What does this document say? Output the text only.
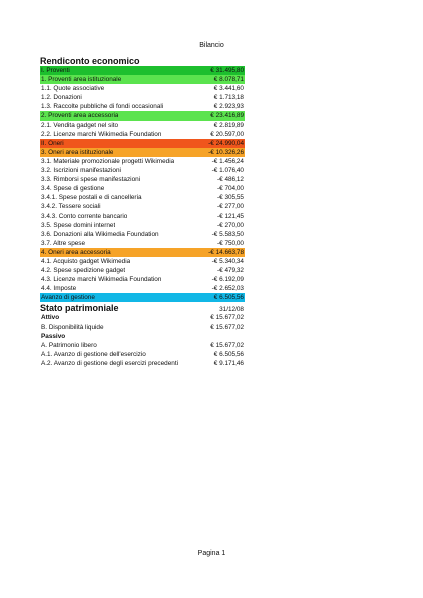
Bilancio
Rendiconto economico
I. Proventi	€ 31.495,80
1. Proventi area istituzionale	€ 8.078,71
1.1. Quote associative	€ 3.441,60
1.2. Donazioni	€ 1.713,18
1.3. Raccolte pubbliche di fondi occasionali	€ 2.923,93
2. Proventi area accessoria	€ 23.416,89
2.1. Vendita gadget nel sito	€ 2.819,89
2.2. Licenze marchi Wikimedia Foundation	€ 20.597,00
II. Oneri	-€ 24.990,04
3. Oneri area istituzionale	-€ 10.326,26
3.1. Materiale promozionale progetti Wikimedia	-€ 1.456,24
3.2. Iscrizioni manifestazioni	-€ 1.076,40
3.3. Rimborsi spese manifestazioni	-€ 486,12
3.4. Spese di gestione	-€ 704,00
3.4.1. Spese postali e di cancelleria	-€ 305,55
3.4.2. Tessere sociali	-€ 277,00
3.4.3. Conto corrente bancario	-€ 121,45
3.5. Spese domini internet	-€ 270,00
3.6. Donazioni alla Wikimedia Foundation	-€ 5.583,50
3.7. Altre spese	-€ 750,00
4. Oneri area accessoria	-€ 14.663,78
4.1. Acquisto gadget Wikimedia	-€ 5.340,34
4.2. Spese spedizione gadget	-€ 479,32
4.3. Licenze marchi Wikimedia Foundation	-€ 6.192,09
4.4. Imposte	-€ 2.652,03
Avanzo di gestione	€ 6.505,56
Stato patrimoniale	31/12/08
Attivo	€ 15.677,02
B. Disponibilità liquide	€ 15.677,02
Passivo
A. Patrimonio libero	€ 15.677,02
A.1. Avanzo di gestione dell'esercizio	€ 6.505,56
A.2. Avanzo di gestione degli esercizi precedenti	€ 9.171,46
Pagina 1
